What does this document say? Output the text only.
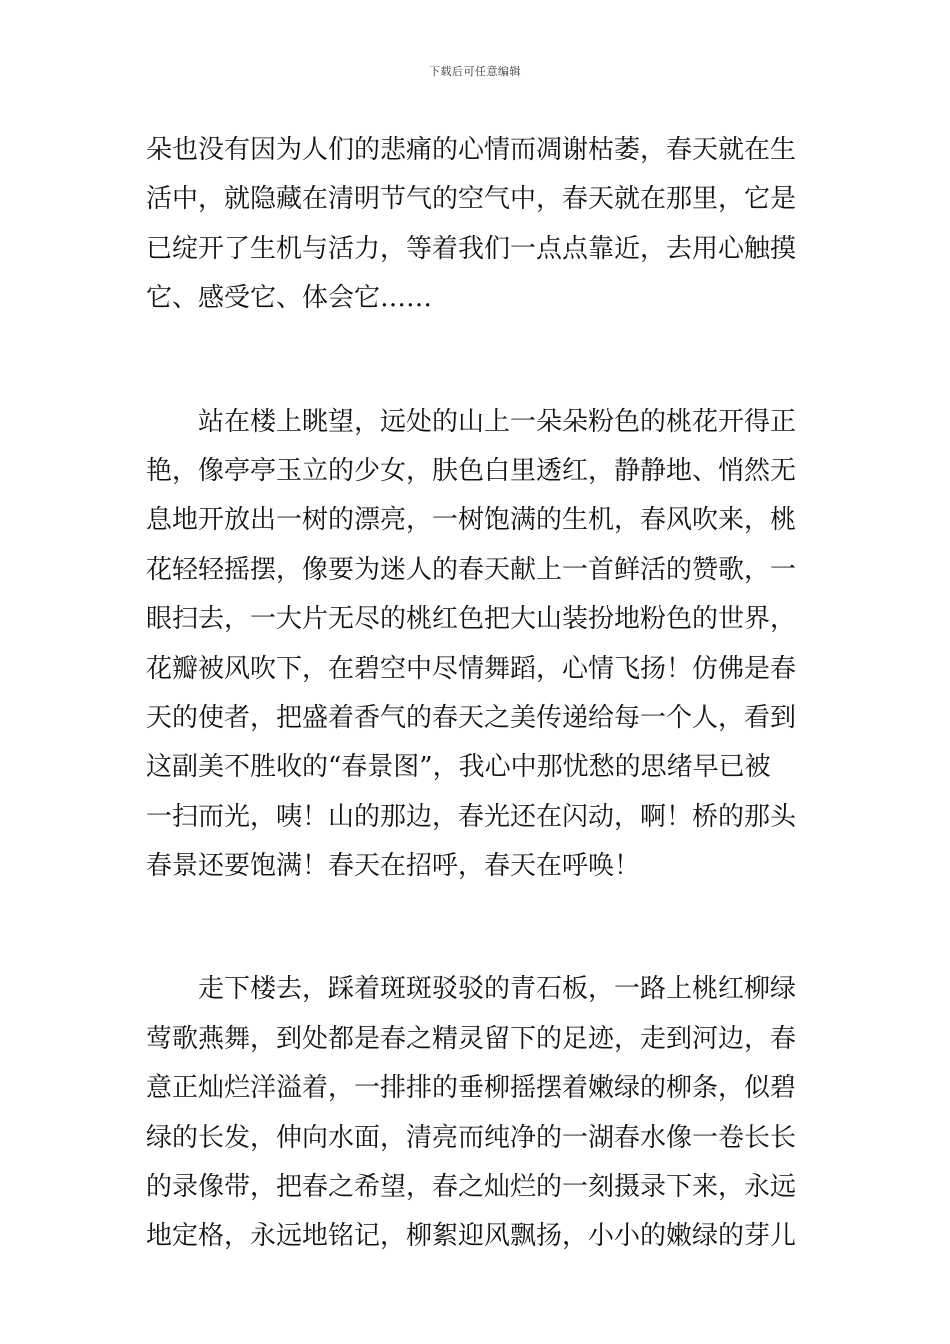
下载后可任意编辑

朵也没有因为人们的悲痛的心情而凋谢枯萎，春天就在生
活中，就隐藏在清明节气的空气中，春天就在那里，它是
已绽开了生机与活力，等着我们一点点靠近，去用心触摸
它、感受它、体会它……

　　站在楼上眺望，远处的山上一朵朵粉色的桃花开得正
艳，像亭亭玉立的少女，肤色白里透红，静静地、悄然无
息地开放出一树的漂亮，一树饱满的生机，春风吹来，桃
花轻轻摇摆，像要为迷人的春天献上一首鲜活的赞歌，一
眼扫去，一大片无尽的桃红色把大山装扮地粉色的世界，
花瓣被风吹下，在碧空中尽情舞蹈，心情飞扬！仿佛是春
天的使者，把盛着香气的春天之美传递给每一个人，看到
这副美不胜收的“春景图”，我心中那忧愁的思绪早已被
一扫而光，咦！山的那边，春光还在闪动，啊！桥的那头
春景还要饱满！春天在招呼，春天在呼唤！

　　走下楼去，踩着斑斑驳驳的青石板，一路上桃红柳绿
莺歌燕舞，到处都是春之精灵留下的足迹，走到河边，春
意正灿烂洋溢着，一排排的垂柳摇摆着嫩绿的柳条，似碧
绿的长发，伸向水面，清亮而纯净的一湖春水像一卷长长
的录像带，把春之希望，春之灿烂的一刻摄录下来，永远
地定格，永远地铭记，柳絮迎风飘扬，小小的嫩绿的芽儿
